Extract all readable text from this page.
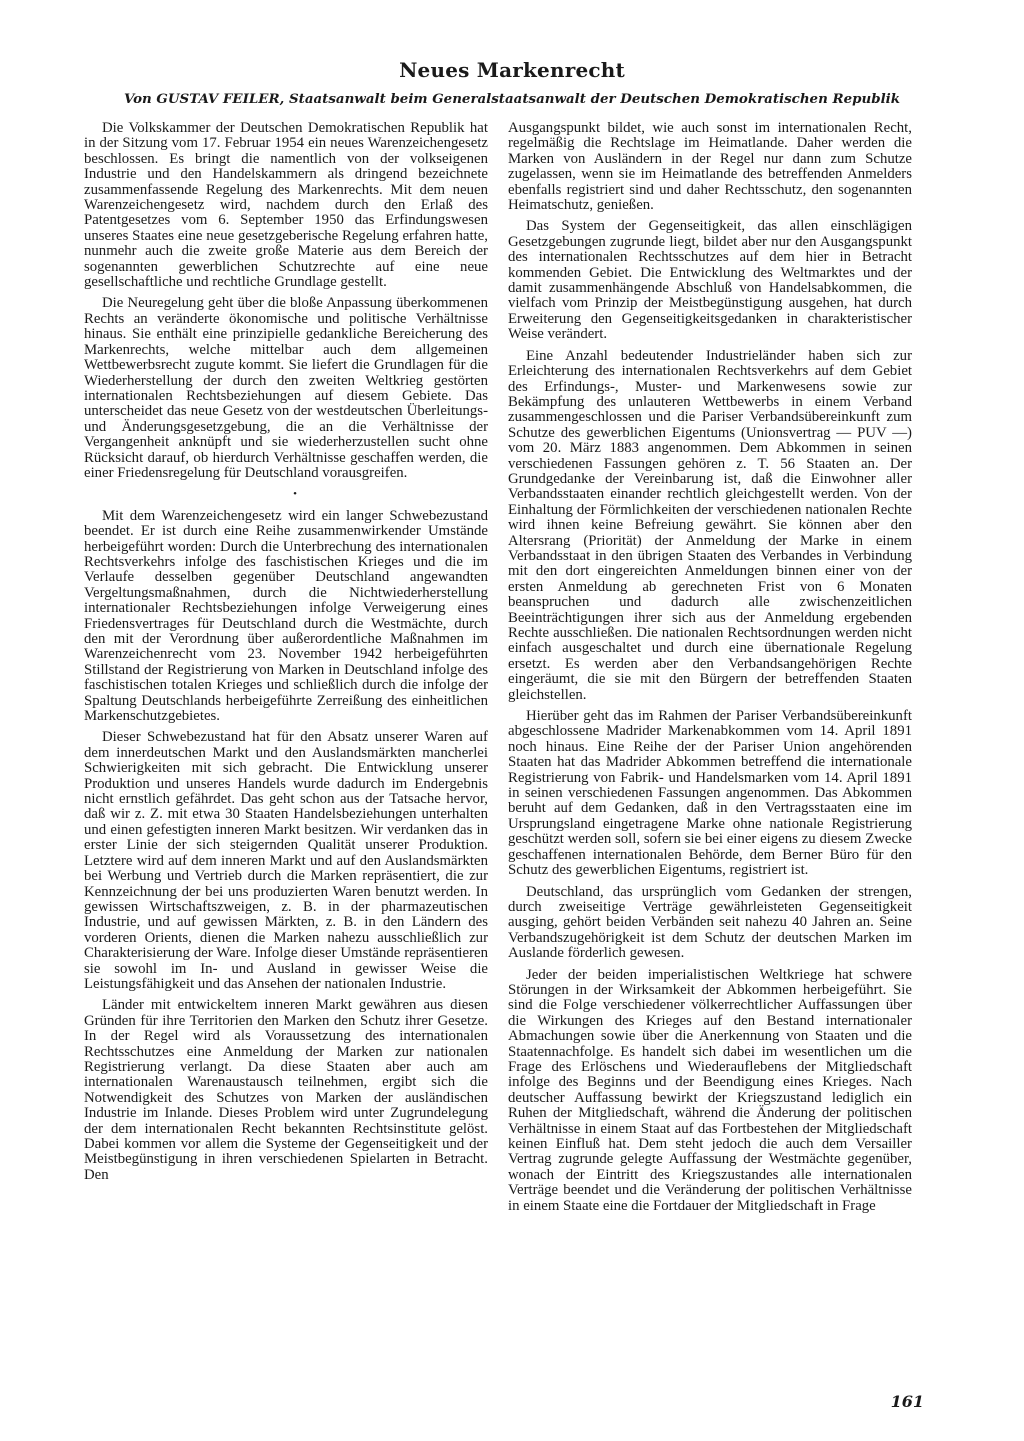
Neues Markenrecht

Von GUSTAV FEILER, Staatsanwalt beim Generalstaatsanwalt der Deutschen Demokratischen Republik

Die Volkskammer der Deutschen Demokratischen Republik hat in der Sitzung vom 17. Februar 1954 ein neues Warenzeichengesetz beschlossen. Es bringt die namentlich von der volkseigenen Industrie und den Handelskammern als dringend bezeichnete zusammenfassende Regelung des Markenrechts. Mit dem neuen Warenzeichengesetz wird, nachdem durch den Erlaß des Patentgesetzes vom 6. September 1950 das Erfindungswesen unseres Staates eine neue gesetzgeberische Regelung erfahren hatte, nunmehr auch die zweite große Materie aus dem Bereich der sogenannten gewerblichen Schutzrechte auf eine neue gesellschaftliche und rechtliche Grundlage gestellt.

Die Neuregelung geht über die bloße Anpassung überkommenen Rechts an veränderte ökonomische und politische Verhältnisse hinaus. Sie enthält eine prinzipielle gedankliche Bereicherung des Markenrechts, welche mittelbar auch dem allgemeinen Wettbewerbsrecht zugute kommt. Sie liefert die Grundlagen für die Wiederherstellung der durch den zweiten Weltkrieg gestörten internationalen Rechtsbeziehungen auf diesem Gebiete. Das unterscheidet das neue Gesetz von der westdeutschen Überleitungs- und Änderungsgesetzgebung, die an die Verhältnisse der Vergangenheit anknüpft und sie wiederherzustellen sucht ohne Rücksicht darauf, ob hierdurch Verhältnisse geschaffen werden, die einer Friedensregelung für Deutschland vorausgreifen.

•

Mit dem Warenzeichengesetz wird ein langer Schwebezustand beendet. Er ist durch eine Reihe zusammenwirkender Umstände herbeigeführt worden: Durch die Unterbrechung des internationalen Rechtsverkehrs infolge des faschistischen Krieges und die im Verlaufe desselben gegenüber Deutschland angewandten Vergeltungsmaßnahmen, durch die Nichtwiederherstellung internationaler Rechtsbeziehungen infolge Verweigerung eines Friedensvertrages für Deutschland durch die Westmächte, durch den mit der Verordnung über außerordentliche Maßnahmen im Warenzeichenrecht vom 23. November 1942 herbeigeführten Stillstand der Registrierung von Marken in Deutschland infolge des faschistischen totalen Krieges und schließlich durch die infolge der Spaltung Deutschlands herbeigeführte Zerreißung des einheitlichen Markenschutzgebietes.

Dieser Schwebezustand hat für den Absatz unserer Waren auf dem innerdeutschen Markt und den Auslandsmärkten mancherlei Schwierigkeiten mit sich gebracht. Die Entwicklung unserer Produktion und unseres Handels wurde dadurch im Endergebnis nicht ernstlich gefährdet. Das geht schon aus der Tatsache hervor, daß wir z. Z. mit etwa 30 Staaten Handelsbeziehungen unterhalten und einen gefestigten inneren Markt besitzen. Wir verdanken das in erster Linie der sich steigernden Qualität unserer Produktion. Letztere wird auf dem inneren Markt und auf den Auslandsmärkten bei Werbung und Vertrieb durch die Marken repräsentiert, die zur Kennzeichnung der bei uns produzierten Waren benutzt werden. In gewissen Wirtschaftszweigen, z. B. in der pharmazeutischen Industrie, und auf gewissen Märkten, z. B. in den Ländern des vorderen Orients, dienen die Marken nahezu ausschließlich zur Charakterisierung der Ware. Infolge dieser Umstände repräsentieren sie sowohl im In- und Ausland in gewisser Weise die Leistungsfähigkeit und das Ansehen der nationalen Industrie.

Länder mit entwickeltem inneren Markt gewähren aus diesen Gründen für ihre Territorien den Marken den Schutz ihrer Gesetze. In der Regel wird als Voraussetzung des internationalen Rechtsschutzes eine Anmeldung der Marken zur nationalen Registrierung verlangt. Da diese Staaten aber auch am internationalen Warenaustausch teilnehmen, ergibt sich die Notwendigkeit des Schutzes von Marken der ausländischen Industrie im Inlande. Dieses Problem wird unter Zugrundelegung der dem internationalen Recht bekannten Rechtsinstitute gelöst. Dabei kommen vor allem die Systeme der Gegenseitigkeit und der Meistbegünstigung in ihren verschiedenen Spielarten in Betracht. Den

Ausgangspunkt bildet, wie auch sonst im internationalen Recht, regelmäßig die Rechtslage im Heimatlande. Daher werden die Marken von Ausländern in der Regel nur dann zum Schutze zugelassen, wenn sie im Heimatlande des betreffenden Anmelders ebenfalls registriert sind und daher Rechtsschutz, den sogenannten Heimatschutz, genießen.

Das System der Gegenseitigkeit, das allen einschlägigen Gesetzgebungen zugrunde liegt, bildet aber nur den Ausgangspunkt des internationalen Rechtsschutzes auf dem hier in Betracht kommenden Gebiet. Die Entwicklung des Weltmarktes und der damit zusammenhängende Abschluß von Handelsabkommen, die vielfach vom Prinzip der Meistbegünstigung ausgehen, hat durch Erweiterung den Gegenseitigkeitsgedanken in charakteristischer Weise verändert.

Eine Anzahl bedeutender Industrieländer haben sich zur Erleichterung des internationalen Rechtsverkehrs auf dem Gebiet des Erfindungs-, Muster- und Markenwesens sowie zur Bekämpfung des unlauteren Wettbewerbs in einem Verband zusammengeschlossen und die Pariser Verbandsübereinkunft zum Schutze des gewerblichen Eigentums (Unionsvertrag — PUV —) vom 20. März 1883 angenommen. Dem Abkommen in seinen verschiedenen Fassungen gehören z. T. 56 Staaten an. Der Grundgedanke der Vereinbarung ist, daß die Einwohner aller Verbandsstaaten einander rechtlich gleichgestellt werden. Von der Einhaltung der Förmlichkeiten der verschiedenen nationalen Rechte wird ihnen keine Befreiung gewährt. Sie können aber den Altersrang (Priorität) der Anmeldung der Marke in einem Verbandsstaat in den übrigen Staaten des Verbandes in Verbindung mit den dort eingereichten Anmeldungen binnen einer von der ersten Anmeldung ab gerechneten Frist von 6 Monaten beanspruchen und dadurch alle zwischenzeitlichen Beeinträchtigungen ihrer sich aus der Anmeldung ergebenden Rechte ausschließen. Die nationalen Rechtsordnungen werden nicht einfach ausgeschaltet und durch eine übernationale Regelung ersetzt. Es werden aber den Verbandsangehörigen Rechte eingeräumt, die sie mit den Bürgern der betreffenden Staaten gleichstellen.

Hierüber geht das im Rahmen der Pariser Verbandsübereinkunft abgeschlossene Madrider Markenabkommen vom 14. April 1891 noch hinaus. Eine Reihe der der Pariser Union angehörenden Staaten hat das Madrider Abkommen betreffend die internationale Registrierung von Fabrik- und Handelsmarken vom 14. April 1891 in seinen verschiedenen Fassungen angenommen. Das Abkommen beruht auf dem Gedanken, daß in den Vertragsstaaten eine im Ursprungsland eingetragene Marke ohne nationale Registrierung geschützt werden soll, sofern sie bei einer eigens zu diesem Zwecke geschaffenen internationalen Behörde, dem Berner Büro für den Schutz des gewerblichen Eigentums, registriert ist.

Deutschland, das ursprünglich vom Gedanken der strengen, durch zweiseitige Verträge gewährleisteten Gegenseitigkeit ausging, gehört beiden Verbänden seit nahezu 40 Jahren an. Seine Verbandszugehörigkeit ist dem Schutz der deutschen Marken im Auslande förderlich gewesen.

Jeder der beiden imperialistischen Weltkriege hat schwere Störungen in der Wirksamkeit der Abkommen herbeigeführt. Sie sind die Folge verschiedener völkerrechtlicher Auffassungen über die Wirkungen des Krieges auf den Bestand internationaler Abmachungen sowie über die Anerkennung von Staaten und die Staatennachfolge. Es handelt sich dabei im wesentlichen um die Frage des Erlöschens und Wiederauflebens der Mitgliedschaft infolge des Beginns und der Beendigung eines Krieges. Nach deutscher Auffassung bewirkt der Kriegszustand lediglich ein Ruhen der Mitgliedschaft, während die Änderung der politischen Verhältnisse in einem Staat auf das Fortbestehen der Mitgliedschaft keinen Einfluß hat. Dem steht jedoch die auch dem Versailler Vertrag zugrunde gelegte Auffassung der Westmächte gegenüber, wonach der Eintritt des Kriegszustandes alle internationalen Verträge beendet und die Veränderung der politischen Verhältnisse in einem Staate eine die Fortdauer der Mitgliedschaft in Frage

161
